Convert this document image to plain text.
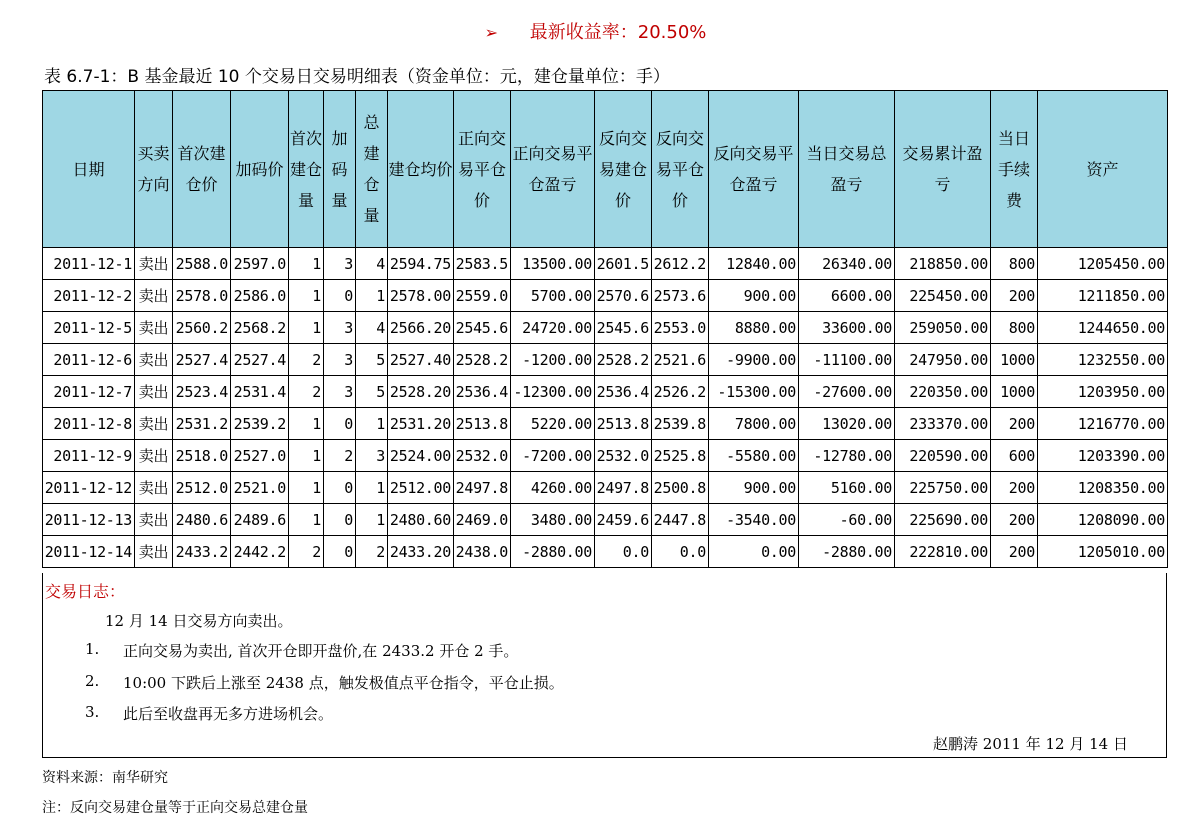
➢ 最新收益率：20.50%
表 6.7-1：B 基金最近 10 个交易日交易明细表（资金单位：元，建仓量单位：手）
日期	买卖方向	首次建仓价	加码价	首次建仓量	加码量	总建仓量	建仓均价	正向交易平仓价	正向交易平仓盈亏	反向交易建仓价	反向交易平仓价	反向交易平仓盈亏	当日交易总盈亏	交易累计盈亏	当日手续费	资产
2011-12-1	卖出	2588.0	2597.0	1	3	4	2594.75	2583.5	13500.00	2601.5	2612.2	12840.00	26340.00	218850.00	800	1205450.00
2011-12-2	卖出	2578.0	2586.0	1	0	1	2578.00	2559.0	5700.00	2570.6	2573.6	900.00	6600.00	225450.00	200	1211850.00
2011-12-5	卖出	2560.2	2568.2	1	3	4	2566.20	2545.6	24720.00	2545.6	2553.0	8880.00	33600.00	259050.00	800	1244650.00
2011-12-6	卖出	2527.4	2527.4	2	3	5	2527.40	2528.2	-1200.00	2528.2	2521.6	-9900.00	-11100.00	247950.00	1000	1232550.00
2011-12-7	卖出	2523.4	2531.4	2	3	5	2528.20	2536.4	-12300.00	2536.4	2526.2	-15300.00	-27600.00	220350.00	1000	1203950.00
2011-12-8	卖出	2531.2	2539.2	1	0	1	2531.20	2513.8	5220.00	2513.8	2539.8	7800.00	13020.00	233370.00	200	1216770.00
2011-12-9	卖出	2518.0	2527.0	1	2	3	2524.00	2532.0	-7200.00	2532.0	2525.8	-5580.00	-12780.00	220590.00	600	1203390.00
2011-12-12	卖出	2512.0	2521.0	1	0	1	2512.00	2497.8	4260.00	2497.8	2500.8	900.00	5160.00	225750.00	200	1208350.00
2011-12-13	卖出	2480.6	2489.6	1	0	1	2480.60	2469.0	3480.00	2459.6	2447.8	-3540.00	-60.00	225690.00	200	1208090.00
2011-12-14	卖出	2433.2	2442.2	2	0	2	2433.20	2438.0	-2880.00	0.0	0.0	0.00	-2880.00	222810.00	200	1205010.00
交易日志：
12 月 14 日交易方向卖出。
1. 正向交易为卖出, 首次开仓即开盘价,在 2433.2 开仓 2 手。
2. 10:00 下跌后上涨至 2438 点，触发极值点平仓指令，平仓止损。
3. 此后至收盘再无多方进场机会。
赵鹏涛 2011 年 12 月 14 日
资料来源：南华研究
注：反向交易建仓量等于正向交易总建仓量
